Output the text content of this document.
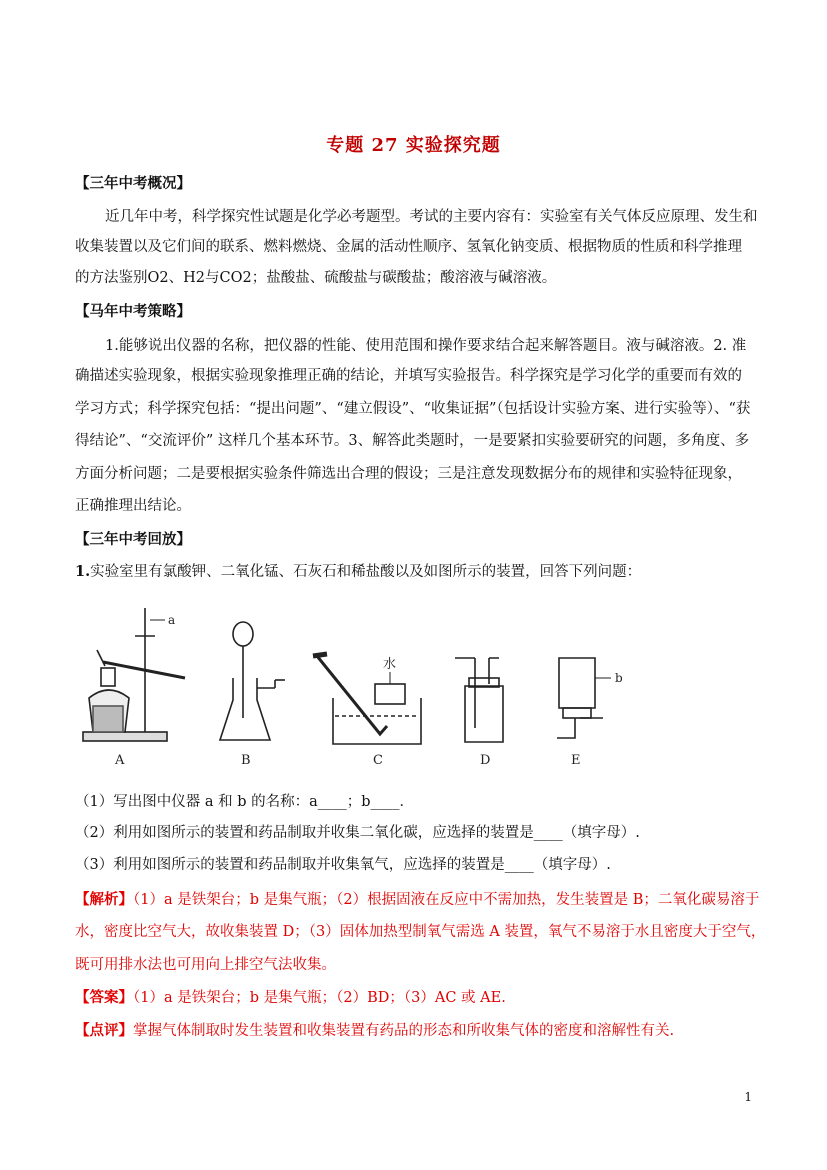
专题 27 实验探究题
【三年中考概况】
近几年中考，科学探究性试题是化学必考题型。考试的主要内容有：实验室有关气体反应原理、发生和
收集装置以及它们间的联系、燃料燃烧、金属的活动性顺序、氢氧化钠变质、根据物质的性质和科学推理
的方法鉴别O2、H2与CO2；盐酸盐、硫酸盐与碳酸盐；酸溶液与碱溶液。
【马年中考策略】
1.能够说出仪器的名称，把仪器的性能、使用范围和操作要求结合起来解答题目。液与碱溶液。2. 准
确描述实验现象，根据实验现象推理正确的结论，并填写实验报告。科学探究是学习化学的重要而有效的
学习方式；科学探究包括：“提出问题”、“建立假设”、“收集证据”（包括设计实验方案、进行实验等）、“获
得结论”、“交流评价” 这样几个基本环节。3、解答此类题时，一是要紧扣实验要研究的问题，多角度、多
方面分析问题；二是要根据实验条件筛选出合理的假设；三是注意发现数据分布的规律和实验特征现象，
正确推理出结论。
【三年中考回放】
1.实验室里有氯酸钾、二氧化锰、石灰石和稀盐酸以及如图所示的装置，回答下列问题：
a
水
b
A	B	C	D	E
（1）写出图中仪器 a 和 b 的名称：a____；b____．
（2）利用如图所示的装置和药品制取并收集二氧化碳，应选择的装置是____（填字母）.
（3）利用如图所示的装置和药品制取并收集氧气，应选择的装置是____（填字母）.
【解析】（1）a 是铁架台；b 是集气瓶；（2）根据固液在反应中不需加热，发生装置是 B；二氧化碳易溶于
水，密度比空气大，故收集装置 D；（3）固体加热型制氧气需选 A 装置，氧气不易溶于水且密度大于空气，
既可用排水法也可用向上排空气法收集。
【答案】（1）a 是铁架台；b 是集气瓶；（2）BD；（3）AC 或 AE.
【点评】掌握气体制取时发生装置和收集装置有药品的形态和所收集气体的密度和溶解性有关.
1
